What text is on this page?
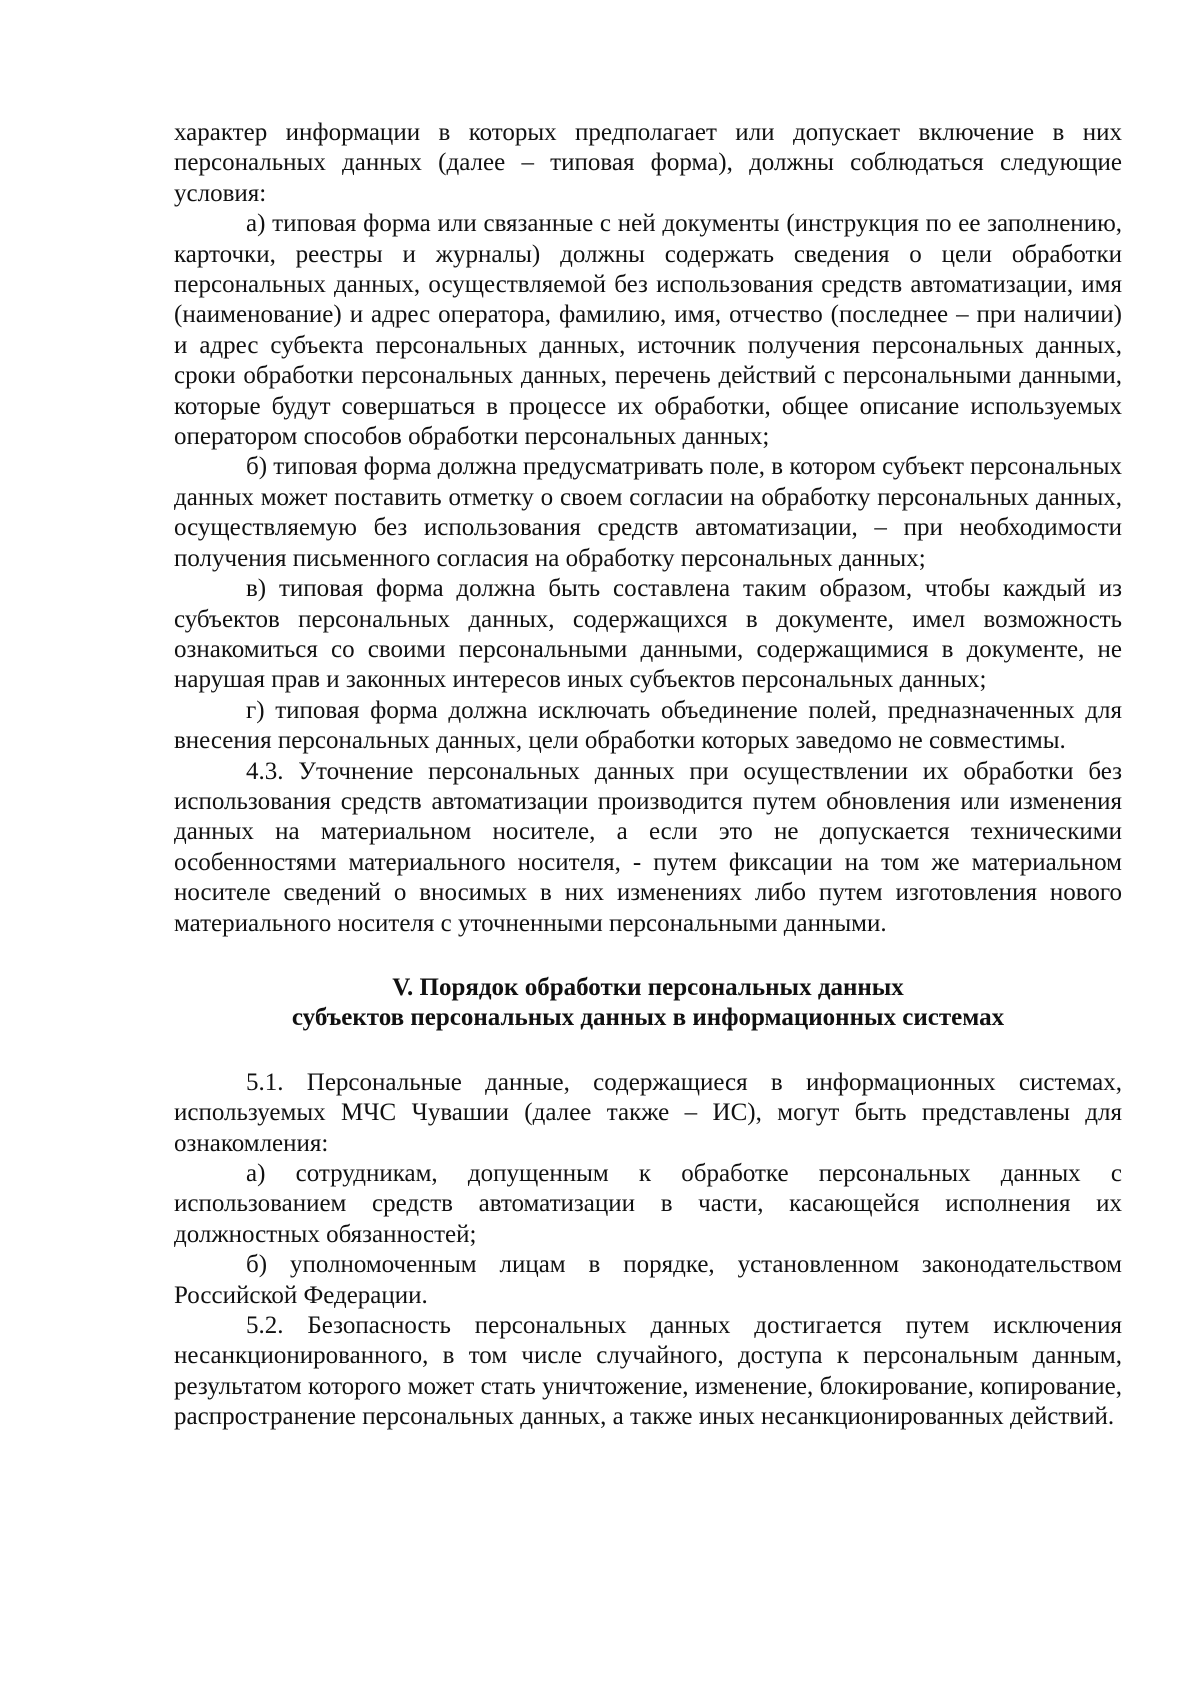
характер информации в которых предполагает или допускает включение в них персональных данных (далее – типовая форма), должны соблюдаться следующие условия:

а) типовая форма или связанные с ней документы (инструкция по ее заполнению, карточки, реестры и журналы) должны содержать сведения о цели обработки персональных данных, осуществляемой без использования средств автоматизации, имя (наименование) и адрес оператора, фамилию, имя, отчество (последнее – при наличии) и адрес субъекта персональных данных, источник получения персональных данных, сроки обработки персональных данных, перечень действий с персональными данными, которые будут совершаться в процессе их обработки, общее описание используемых оператором способов обработки персональных данных;

б) типовая форма должна предусматривать поле, в котором субъект персональных данных может поставить отметку о своем согласии на обработку персональных данных, осуществляемую без использования средств автоматизации, – при необходимости получения письменного согласия на обработку персональных данных;

в) типовая форма должна быть составлена таким образом, чтобы каждый из субъектов персональных данных, содержащихся в документе, имел возможность ознакомиться со своими персональными данными, содержащимися в документе, не нарушая прав и законных интересов иных субъектов персональных данных;

г) типовая форма должна исключать объединение полей, предназначенных для внесения персональных данных, цели обработки которых заведомо не совместимы.

4.3. Уточнение персональных данных при осуществлении их обработки без использования средств автоматизации производится путем обновления или изменения данных на материальном носителе, а если это не допускается техническими особенностями материального носителя, - путем фиксации на том же материальном носителе сведений о вносимых в них изменениях либо путем изготовления нового материального носителя с уточненными персональными данными.

V. Порядок обработки персональных данных
субъектов персональных данных в информационных системах

5.1. Персональные данные, содержащиеся в информационных системах, используемых МЧС Чувашии (далее также – ИС), могут быть представлены для ознакомления:

а) сотрудникам, допущенным к обработке персональных данных с использованием средств автоматизации в части, касающейся исполнения их должностных обязанностей;

б) уполномоченным лицам в порядке, установленном законодательством Российской Федерации.

5.2. Безопасность персональных данных достигается путем исключения несанкционированного, в том числе случайного, доступа к персональным данным, результатом которого может стать уничтожение, изменение, блокирование, копирование, распространение персональных данных, а также иных несанкционированных действий.
